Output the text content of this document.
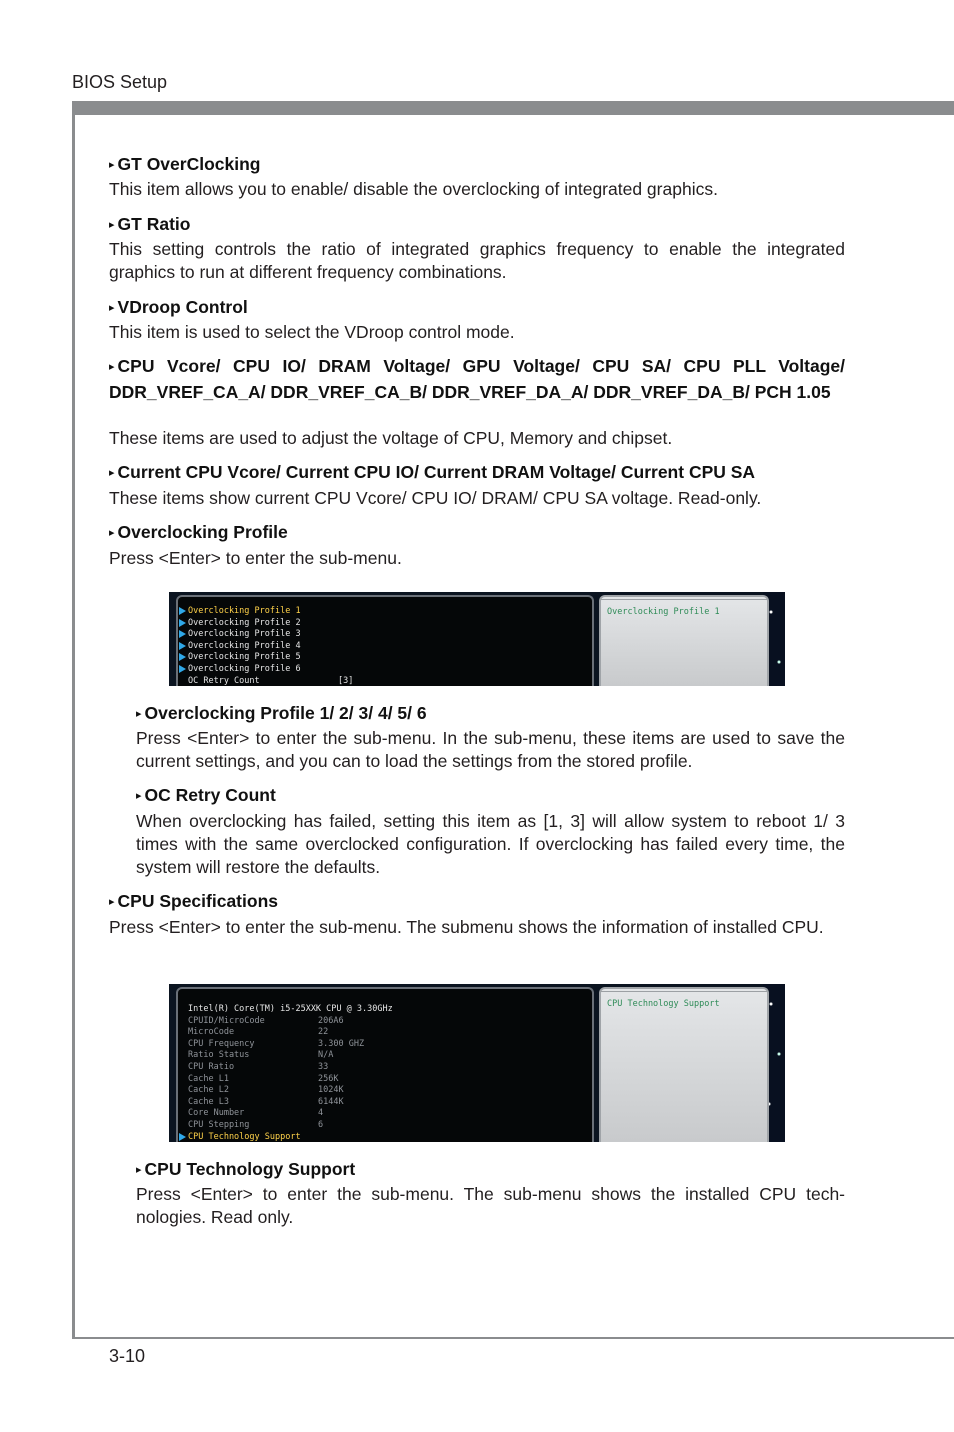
BIOS Setup
3-10
▸ GT OverClocking
This item allows you to enable/ disable the overclocking of integrated graphics.
▸ GT Ratio
This setting controls the ratio of integrated graphics frequency to enable the integrated graphics to run at different frequency combinations.
▸ VDroop Control
This item is used to select the VDroop control mode.
▸ CPU Vcore/ CPU IO/ DRAM Voltage/ GPU Voltage/ CPU SA/ CPU PLL Voltage/ DDR_VREF_CA_A/ DDR_VREF_CA_B/ DDR_VREF_DA_A/ DDR_VREF_DA_B/ PCH 1.05
These items are used to adjust the voltage of CPU, Memory and chipset.
▸ Current CPU Vcore/ Current CPU IO/ Current DRAM Voltage/ Current CPU SA
These items show current CPU Vcore/ CPU IO/ DRAM/ CPU SA voltage. Read-only.
▸ Overclocking Profile
Press <Enter> to enter the sub-menu.
Overclocking Profile 1
Overclocking Profile 2
Overclocking Profile 3
Overclocking Profile 4
Overclocking Profile 5
Overclocking Profile 6
OC Retry Count	[3]
Overclocking Profile 1
▸ Overclocking Profile 1/ 2/ 3/ 4/ 5/ 6
Press <Enter> to enter the sub-menu. In the sub-menu, these items are used to save the current settings, and you can to load the settings from the stored profile.
▸ OC Retry Count
When overclocking has failed, setting this item as [1, 3] will allow system to reboot 1/ 3 times with the same overclocked configuration. If overclocking has failed every time, the system will restore the defaults.
▸ CPU Specifications
Press <Enter> to enter the sub-menu. The submenu shows the information of installed CPU.
Intel(R) Core(TM) i5-25XXK CPU @ 3.30GHz
CPUID/MicroCode	206A6
MicroCode	22
CPU Frequency	3.300 GHZ
Ratio Status	N/A
CPU Ratio	33
Cache L1	256K
Cache L2	1024K
Cache L3	6144K
Core Number	4
CPU Stepping	6
CPU Technology Support
CPU Technology Support
▸ CPU Technology Support
Press <Enter> to enter the sub-menu. The sub-menu shows the installed CPU tech-nologies. Read only.
